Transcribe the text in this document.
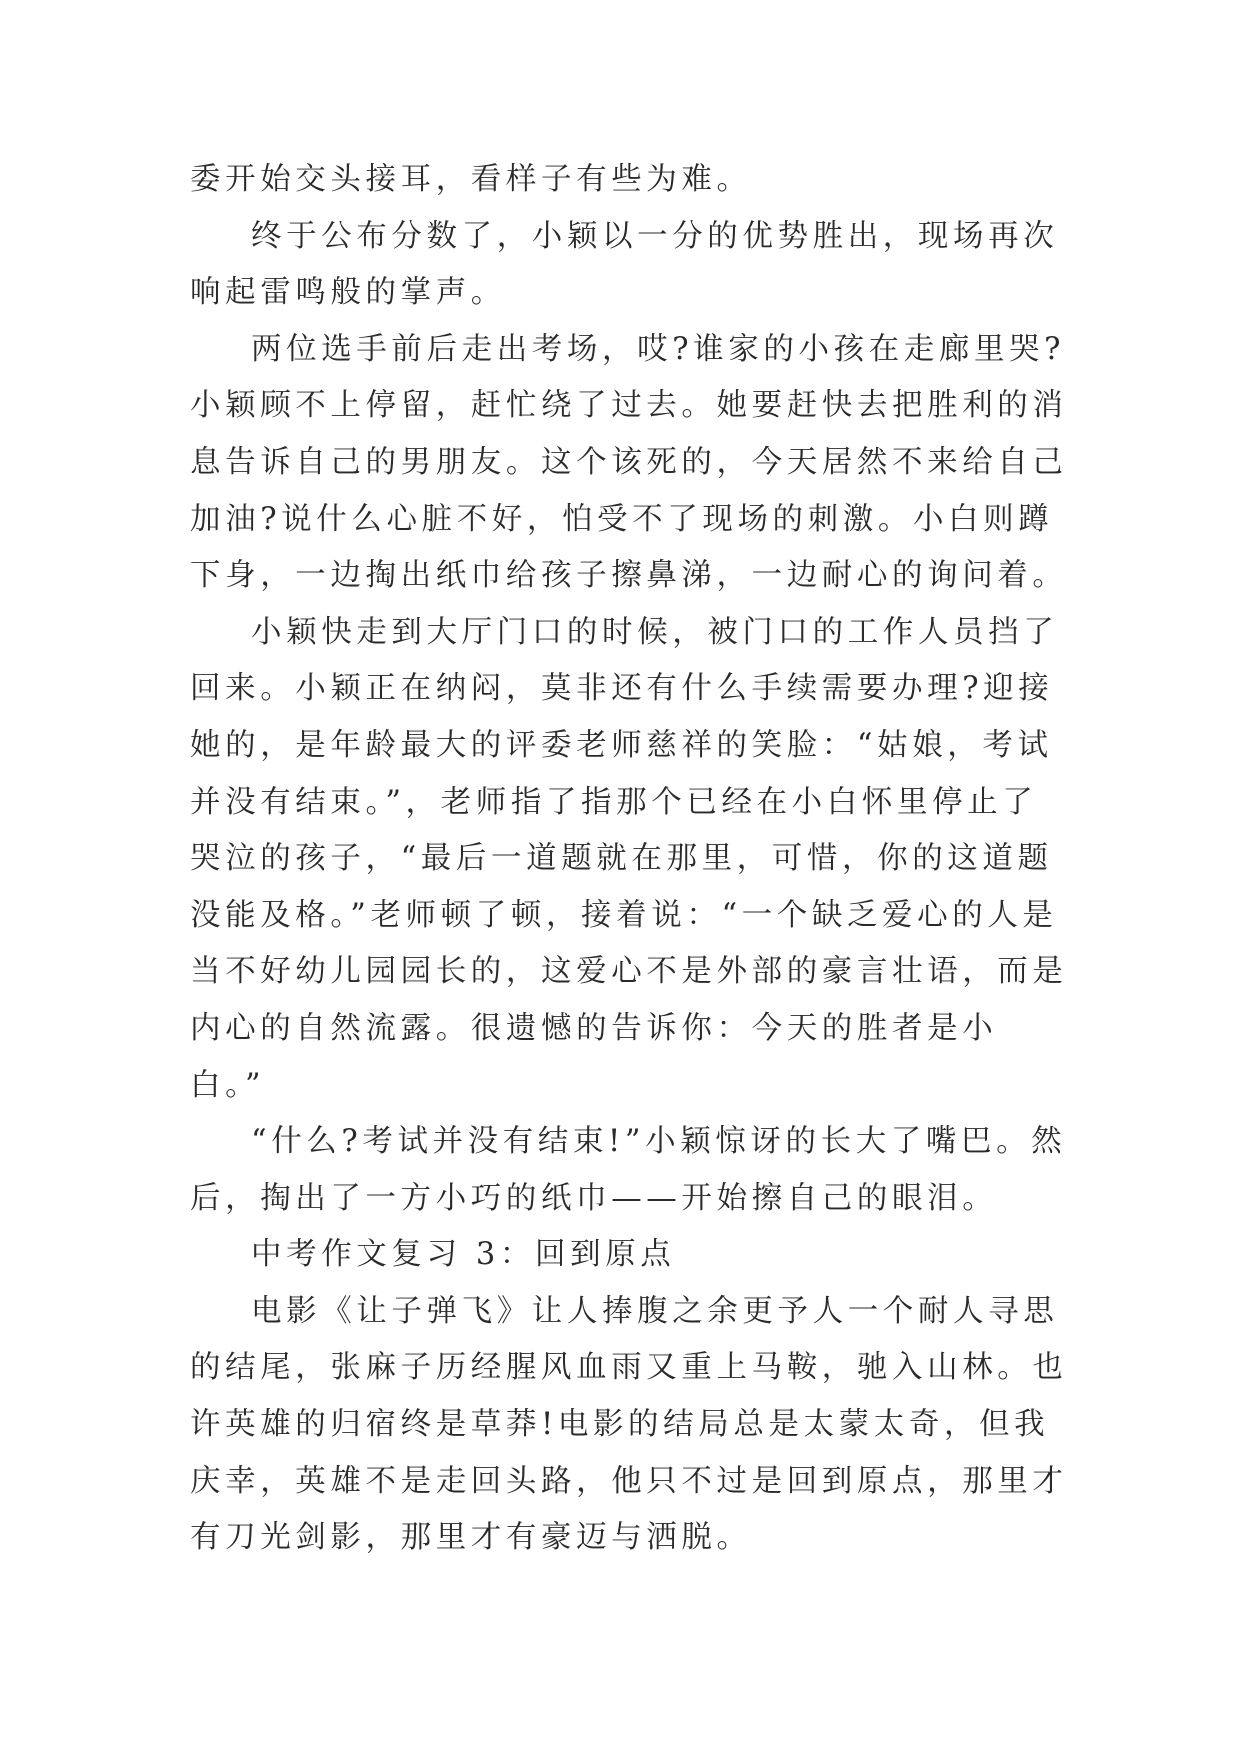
委开始交头接耳，看样子有些为难。

终于公布分数了，小颖以一分的优势胜出，现场再次响起雷鸣般的掌声。

两位选手前后走出考场，哎?谁家的小孩在走廊里哭?小颖顾不上停留，赶忙绕了过去。她要赶快去把胜利的消息告诉自己的男朋友。这个该死的，今天居然不来给自己加油?说什么心脏不好，怕受不了现场的刺激。小白则蹲下身，一边掏出纸巾给孩子擦鼻涕，一边耐心的询问着。

小颖快走到大厅门口的时候，被门口的工作人员挡了回来。小颖正在纳闷，莫非还有什么手续需要办理?迎接她的，是年龄最大的评委老师慈祥的笑脸：“姑娘，考试并没有结束。”，老师指了指那个已经在小白怀里停止了哭泣的孩子，“最后一道题就在那里，可惜，你的这道题没能及格。”老师顿了顿，接着说：“一个缺乏爱心的人是当不好幼儿园园长的，这爱心不是外部的豪言壮语，而是内心的自然流露。很遗憾的告诉你：今天的胜者是小白。”

“什么?考试并没有结束!”小颖惊讶的长大了嘴巴。然后，掏出了一方小巧的纸巾——开始擦自己的眼泪。

中考作文复习 3：回到原点

电影《让子弹飞》让人捧腹之余更予人一个耐人寻思的结尾，张麻子历经腥风血雨又重上马鞍，驰入山林。也许英雄的归宿终是草莽!电影的结局总是太蒙太奇，但我庆幸，英雄不是走回头路，他只不过是回到原点，那里才有刀光剑影，那里才有豪迈与洒脱。
